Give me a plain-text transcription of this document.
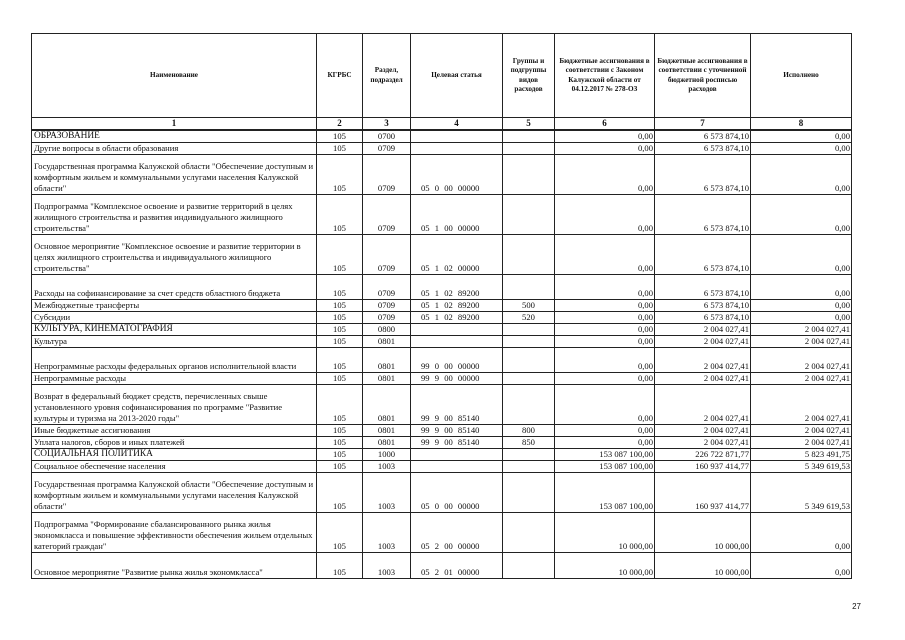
Наименование	КГРБС	Раздел, подраздел	Целевая статья	Группы и подгруппы видов расходов	Бюджетные ассигнования в соответствии с Законом Калужской области от 04.12.2017 № 278-ОЗ	Бюджетные ассигнования в соответствии с уточненной бюджетной росписью расходов	Исполнено
1	2	3	4	5	6	7	8
ОБРАЗОВАНИЕ	105	0700			0,00	6 573 874,10	0,00
Другие вопросы в области образования	105	0709			0,00	6 573 874,10	0,00
Государственная программа Калужской области "Обеспечение доступным и комфортным жильем и коммунальными услугами населения Калужской области"	105	0709	05 0 00 00000		0,00	6 573 874,10	0,00
Подпрограмма "Комплексное освоение и развитие территорий в целях жилищного строительства и развития индивидуального жилищного строительства"	105	0709	05 1 00 00000		0,00	6 573 874,10	0,00
Основное мероприятие "Комплексное освоение и развитие территории в целях жилищного строительства и индивидуального жилищного строительства"	105	0709	05 1 02 00000		0,00	6 573 874,10	0,00
Расходы на софинансирование за счет средств областного бюджета	105	0709	05 1 02 89200		0,00	6 573 874,10	0,00
Межбюджетные трансферты	105	0709	05 1 02 89200	500	0,00	6 573 874,10	0,00
Субсидии	105	0709	05 1 02 89200	520	0,00	6 573 874,10	0,00
КУЛЬТУРА, КИНЕМАТОГРАФИЯ	105	0800			0,00	2 004 027,41	2 004 027,41
Культура	105	0801			0,00	2 004 027,41	2 004 027,41
Непрограммные расходы федеральных органов исполнительной власти	105	0801	99 0 00 00000		0,00	2 004 027,41	2 004 027,41
Непрограммные расходы	105	0801	99 9 00 00000		0,00	2 004 027,41	2 004 027,41
Возврат в федеральный бюджет средств, перечисленных свыше установленного уровня софинансирования по программе "Развитие культуры и туризма на 2013-2020 годы"	105	0801	99 9 00 85140		0,00	2 004 027,41	2 004 027,41
Иные бюджетные ассигнования	105	0801	99 9 00 85140	800	0,00	2 004 027,41	2 004 027,41
Уплата налогов, сборов и иных платежей	105	0801	99 9 00 85140	850	0,00	2 004 027,41	2 004 027,41
СОЦИАЛЬНАЯ ПОЛИТИКА	105	1000			153 087 100,00	226 722 871,77	5 823 491,75
Социальное обеспечение населения	105	1003			153 087 100,00	160 937 414,77	5 349 619,53
Государственная программа Калужской области "Обеспечение доступным и комфортным жильем и коммунальными услугами населения Калужской области"	105	1003	05 0 00 00000		153 087 100,00	160 937 414,77	5 349 619,53
Подпрограмма "Формирование сбалансированного рынка жилья экономкласса и повышение эффективности обеспечения жильем отдельных категорий граждан"	105	1003	05 2 00 00000		10 000,00	10 000,00	0,00
Основное мероприятие "Развитие рынка жилья экономкласса"	105	1003	05 2 01 00000		10 000,00	10 000,00	0,00
27
